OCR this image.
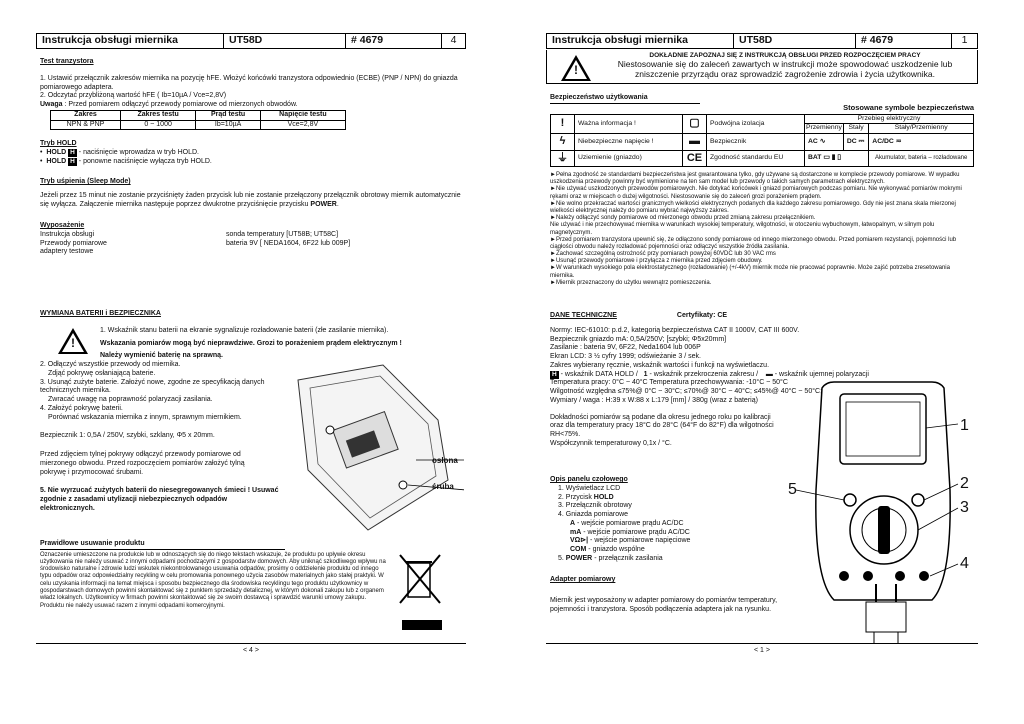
Instrukcja obsługi miernika	UT58D	# 4679	4
Test tranzystora
1. Ustawić przełącznik zakresów miernika na pozycję hFE. Włożyć końcówki tranzystora odpowiednio (ECBE) (PNP / NPN) do gniazda pomiarowego adaptera.
2. Odczytać przybliżoną wartość hFE ( Ib=10µA / Vce=2,8V)
Uwaga : Przed pomiarem odłączyć przewody pomiarowe od mierzonych obwodów.
Zakres	Zakres testu	Prąd testu	Napięcie testu
NPN & PNP	0 ~ 1000	Ib=10µA	Vce=2,8V
Tryb HOLD
•  HOLD H - naciśnięcie wprowadza w tryb HOLD.
•  HOLD H - ponowne naciśnięcie wyłącza tryb HOLD.
Tryb uśpienia (Sleep Mode)
Jeżeli przez 15 minut nie zostanie przyciśnięty żaden przycisk lub nie zostanie przełączony przełącznik obrotowy miernik automatycznie się wyłącza. Załączenie miernika następuje poprzez dwukrotne przyciśnięcie przycisku POWER.
Wyposażenie
Instrukcja obsługi	sonda temperatury [UT58B; UT58C]
Przewody pomiarowe	bateria 9V [ NEDA1604, 6F22 lub 009P]
adaptery testowe
WYMIANA BATERII i BEZPIECZNIKA
!
1. Wskaźnik stanu baterii na ekranie sygnalizuje rozładowanie baterii (złe zasilanie miernika).
Wskazania pomiarów mogą być nieprawdziwe. Grozi to porażeniem prądem elektrycznym !
Należy wymienić baterię na sprawną.
2. Odłączyć wszystkie przewody od miernika.
Zdjąć pokrywę osłaniającą baterie.
3. Usunąć zużyte baterie. Założyć nowe, zgodne ze specyfikacją danych technicznych miernika.
Zwracać uwagę na poprawność polaryzacji zasilania.
4. Założyć pokrywę baterii.
Porównać wskazania miernika z innym, sprawnym miernikiem.
Bezpiecznik 1: 0,5A / 250V, szybki, szklany, Φ5 x 20mm.
Przed zdjęciem tylnej pokrywy odłączyć przewody pomiarowe od mierzonego obwodu. Przed rozpoczęciem pomiarów założyć tylną pokrywę i przymocować śrubami.
5. Nie wyrzucać zużytych baterii do niesegregowanych śmieci ! Usuwać zgodnie z zasadami utylizacji niebezpiecznych odpadów elektronicznych.
osłona
śruba
Prawidłowe usuwanie produktu
Oznaczenie umieszczone na produkcie lub w odnoszących się do niego tekstach wskazuje, że produktu po upływie okresu użytkowania nie należy usuwać z innymi odpadami pochodzącymi z gospodarstw domowych. Aby uniknąć szkodliwego wpływu na środowisko naturalne i zdrowie ludzi wskutek niekontrolowanego usuwania odpadów, prosimy o oddzielenie produktu od innego typu odpadów oraz odpowiedzialny recykling w celu promowania ponownego użycia zasobów materialnych jako stałej praktyki. W celu uzyskania informacji na temat miejsca i sposobu bezpiecznego dla środowiska recyklingu tego produktu użytkownicy w gospodarstwach domowych powinni skontaktować się z punktem sprzedaży detalicznej, w którym dokonali zakupu lub z organem władz lokalnych. Użytkownicy w firmach powinni skontaktować się ze swoim dostawcą i sprawdzić warunki umowy zakupu. Produktu nie należy usuwać razem z innymi odpadami komercyjnymi.
< 4 >
Instrukcja obsługi miernika	UT58D	# 4679	1
!
DOKŁADNIE ZAPOZNAJ SIĘ Z INSTRUKCJĄ OBSŁUGI PRZED ROZPOCZĘCIEM PRACY
Niestosowanie się do zaleceń zawartych w instrukcji może spowodować uszkodzenie lub zniszczenie przyrządu oraz sprowadzić zagrożenie zdrowia i życia użytkownika.
Bezpieczeństwo użytkowania
Stosowane symbole bezpieczeństwa
!	Ważna informacja !	▢	Podwójna izolacja	Przebieg elektryczny		
				Przemienny	Stały	Stały/Przemienny
ϟ	Niebezpieczne napięcie !	▬	Bezpiecznik	AC ∿	DC ⎓	AC/DC ≂
⏚	Uziemienie (gniazdo)	CE	Zgodność standardu EU	BAT ▭ ▮ ▯		Akumulator, bateria – rozładowane
►Pełna zgodność ze standardami bezpieczeństwa jest gwarantowana tylko, gdy używane są dostarczone w komplecie przewody pomiarowe. W wypadku uszkodzenia przewody powinny być wymienione na ten sam model lub przewody o takich samych parametrach elektrycznych.
►Nie używać uszkodzonych przewodów pomiarowych. Nie dotykać końcówek i gniazd pomiarowych podczas pomiaru. Nie wykonywać pomiarów mokrymi rękami oraz w miejscach o dużej wilgotności. Niestosowanie się do zaleceń grozi porażeniem prądem.
►Nie wolno przekraczać wartości granicznych wielkości elektrycznych podanych dla każdego zakresu pomiarowego. Gdy nie jest znana skala mierzonej wielkości elektrycznej należy do pomiaru wybrać najwyższy zakres.
►Należy odłączyć sondy pomiarowe od mierzonego obwodu przed zmianą zakresu przełącznikiem.
Nie używać i nie przechowywać miernika w warunkach wysokiej temperatury, wilgotności, w otoczeniu wybuchowym, łatwopalnym, w silnym polu magnetycznym.
►Przed pomiarem tranzystora upewnić się, że odłączono sondy pomiarowe od innego mierzonego obwodu. Przed pomiarem rezystancji, pojemności lub ciągłości obwodu należy rozładować pojemności oraz odłączyć wszystkie źródła zasilania.
►Zachować szczególną ostrożność przy pomiarach powyżej 60VDC lub 30 VAC rms
►Usunąć przewody pomiarowe i przyłącza z miernika przed zdjęciem obudowy.
►W warunkach wysokiego pola elektrostatycznego (rozładowanie) (+/-4kV) miernik może nie pracować poprawnie. Może zajść potrzeba zresetowania miernika.
►Miernik przeznaczony do użytku wewnątrz pomieszczenia.
DANE TECHNICZNE	Certyfikaty: CE
Normy: IEC-61010: p.d.2, kategorią bezpieczeństwa CAT II 1000V, CAT III 600V.
Bezpiecznik gniazdo mA: 0,5A/250V; [szybki; Φ5x20mm]
Zasilanie : bateria 9V, 6F22, Neda1604 lub 006P
Ekran LCD: 3 ½ cyfry 1999; odświeżanie 3 / sek.
Zakres wybierany ręcznie, wskaźnik wartości i funkcji na wyświetlaczu.
H - wskaźnik DATA HOLD / 1 - wskaźnik przekroczenia zakresu / ▬ - wskaźnik ujemnej polaryzacji
Temperatura pracy: 0°C ~ 40°C Temperatura przechowywania: -10°C ~ 50°C
Wilgotność względna ≤75%@ 0°C ~ 30°C; ≤70%@ 30°C ~ 40°C; ≤45%@ 40°C ~ 50°C;
Wymiary / waga : H:39 x W:88 x L:179 [mm] / 380g (wraz z baterią)
Dokładności pomiarów są podane dla okresu jednego roku po kalibracji oraz dla temperatury pracy 18°C do 28°C (64°F do 82°F) dla wilgotności RH<75%.
Współczynnik temperaturowy 0,1x / °C.
Opis panelu czołowego
1. Wyświetlacz LCD
2. Przycisk HOLD
3. Przełącznik obrotowy
4. Gniazda pomiarowe
A - wejście pomiarowe prądu AC/DC
mA - wejście pomiarowe prądu AC/DC
VΩ⊳| - wejście pomiarowe napięciowe
COM - gniazdo wspólne
5. POWER - przełącznik zasilania
Adapter pomiarowy
Miernik jest wyposażony w adapter pomiarowy do pomiarów temperatury, pojemności i tranzystora. Sposób podłączenia adaptera jak na rysunku.
1
2
3
4
5
< 1 >
